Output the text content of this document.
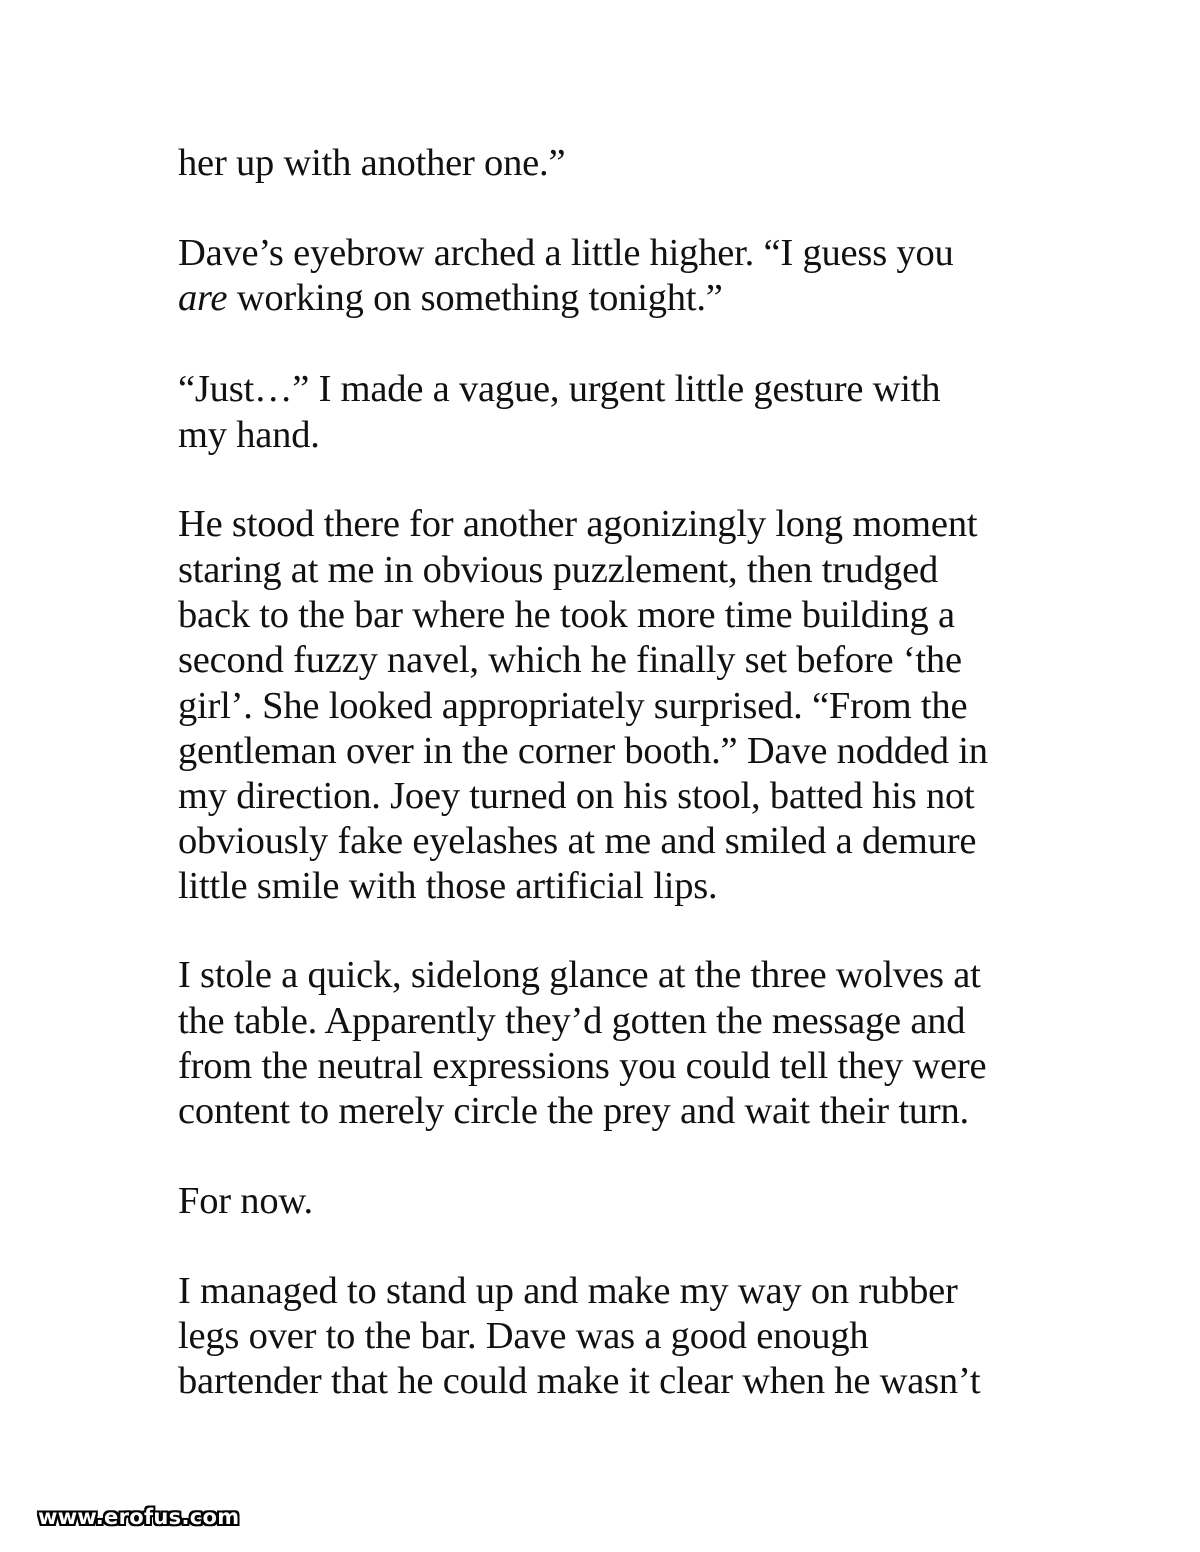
her up with another one.”
Dave’s eyebrow arched a little higher. “I guess you
are working on something tonight.”
“Just…” I made a vague, urgent little gesture with
my hand.
He stood there for another agonizingly long moment
staring at me in obvious puzzlement, then trudged
back to the bar where he took more time building a
second fuzzy navel, which he finally set before ‘the
girl’. She looked appropriately surprised. “From the
gentleman over in the corner booth.” Dave nodded in
my direction. Joey turned on his stool, batted his not
obviously fake eyelashes at me and smiled a demure
little smile with those artificial lips.
I stole a quick, sidelong glance at the three wolves at
the table. Apparently they’d gotten the message and
from the neutral expressions you could tell they were
content to merely circle the prey and wait their turn.
For now.
I managed to stand up and make my way on rubber
legs over to the bar. Dave was a good enough
bartender that he could make it clear when he wasn’t
www.erofus.com
